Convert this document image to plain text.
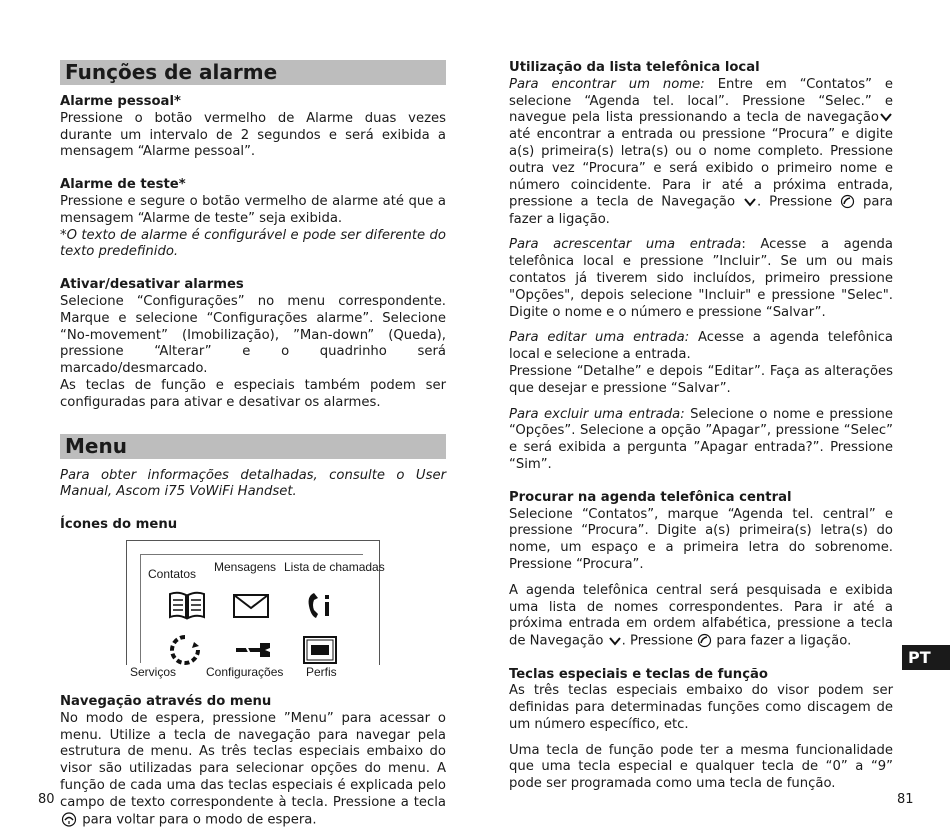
Funções de alarme
Alarme pessoal*

Pressione o botão vermelho de Alarme duas vezes durante um intervalo de 2 segundos e será exibida a mensagem “Alarme pessoal”.

Alarme de teste*

Pressione e segure o botão vermelho de alarme até que a mensagem “Alarme de teste” seja exibida.

*O texto de alarme é configurável e pode ser diferente do texto predefinido.

Ativar/desativar alarmes

Selecione “Configurações” no menu correspondente. Marque e selecione “Configurações alarme”. Selecione “No-movement” (Imobilização), ”Man-down” (Queda), pressione “Alterar” e o quadrinho será marcado/desmarcado.

As teclas de função e especiais também podem ser configuradas para ativar e desativar os alarmes.

Menu

Para obter informações detalhadas, consulte o User Manual, Ascom i75 VoWiFi Handset.

Ícones do menu
Contatos Mensagens Lista de chamadas
Serviços Configurações Perfis
Navegação através do menu

No modo de espera, pressione ”Menu” para acessar o menu. Utilize a tecla de navegação para navegar pela estrutura de menu. As três teclas especiais embaixo do visor são utilizadas para selecionar opções do menu. A função de cada uma das teclas especiais é explicada pelo campo de texto correspondente à tecla. Pressione a tecla  para voltar para o modo de espera.

Utilização da lista telefônica local

Para encontrar um nome: Entre em “Contatos” e selecione “Agenda tel. local”. Pressione “Selec.” e navegue pela lista pressionando a tecla de navegaçãoaté encontrar a entrada ou pressione “Procura” e digite a(s) primeira(s) letra(s) ou o nome completo. Pressione outra vez “Procura” e será exibido o primeiro nome e número coincidente. Para ir até a próxima entrada, pressione a tecla de Navegação . Pressione para fazer a ligação.

Para acrescentar uma entrada: Acesse a agenda telefônica local e pressione ”Incluir”. Se um ou mais contatos já tiverem sido incluídos, primeiro pressione "Opções", depois selecione "Incluir" e pressione "Selec". Digite o nome e o número e pressione “Salvar”.

Para editar uma entrada: Acesse a agenda telefônica local e selecione a entrada.

Pressione “Detalhe” e depois “Editar”. Faça as alterações que desejar e pressione “Salvar”.

Para excluir uma entrada: Selecione o nome e pressione “Opções”. Selecione a opção ”Apagar”, pressione “Selec” e será exibida a pergunta ”Apagar entrada?”. Pressione “Sim”.

Procurar na agenda telefônica central

Selecione “Contatos”, marque “Agenda tel. central” e pressione “Procura”. Digite a(s) primeira(s) letra(s) do nome, um espaço e a primeira letra do sobrenome. Pressione “Procura”.

A agenda telefônica central será pesquisada e exibida uma lista de nomes correspondentes. Para ir até a próxima entrada em ordem alfabética, pressione a tecla de Navegação . Pressione para fazer a ligação.

Teclas especiais e teclas de função

As três teclas especiais embaixo do visor podem ser definidas para determinadas funções como discagem de um número específico, etc.

Uma tecla de função pode ter a mesma funcionalidade que uma tecla especial e qualquer tecla de “0” a “9” pode ser programada como uma tecla de função.

80	81
PT
